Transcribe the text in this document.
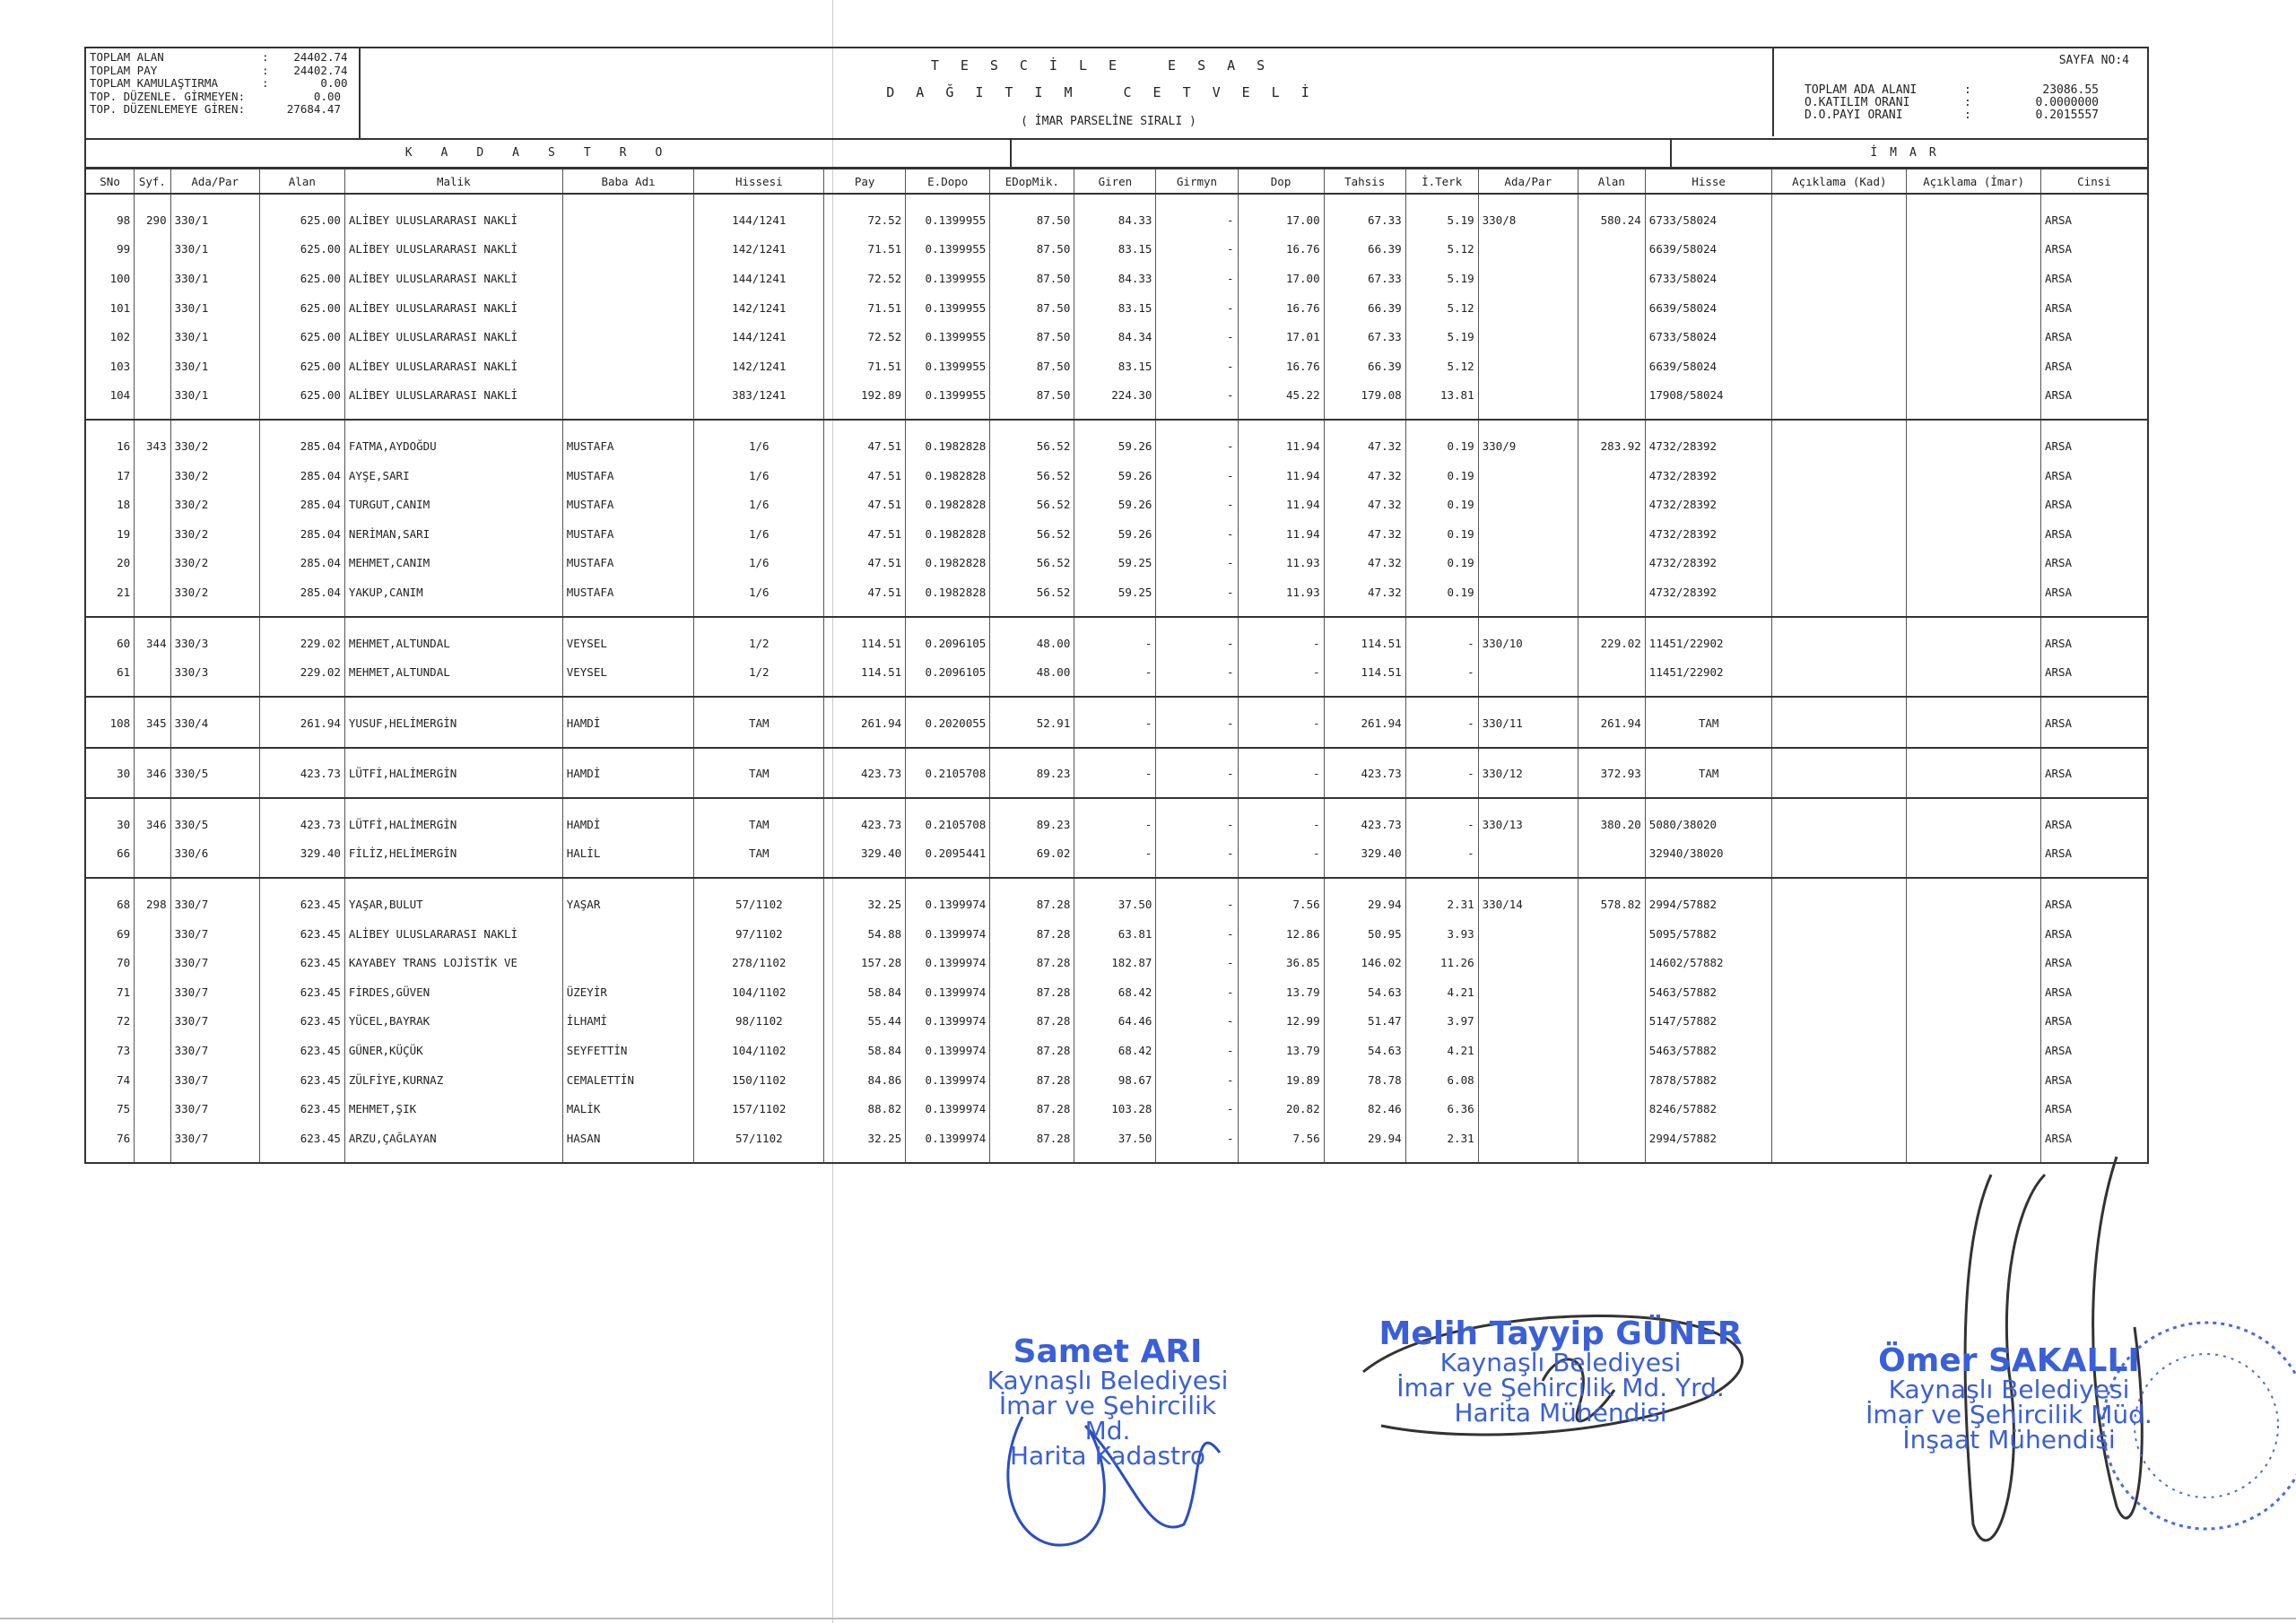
TOPLAM ALAN	:	24402.74
TOPLAM PAY	:	24402.74
TOPLAM KAMULAŞTIRMA	:	0.00
TOP. DÜZENLE. GİRMEYEN:	0.00
TOP. DÜZENLEMEYE GİREN:	27684.47
TESCİLE ESAS
DAĞITIM CETVELİ
( İMAR PARSELİNE SIRALI )
SAYFA NO:4
TOPLAM ADA ALANI	:	23086.55
O.KATILIM ORANI	:	0.0000000
D.O.PAYI ORANI	:	0.2015557
KADASTRO	İMAR
SNo	Syf.	Ada/Par	Alan	Malik	Baba Adı	Hissesi	Pay	E.Dopo	EDopMik.	Giren	Girmyn	Dop	Tahsis	İ.Terk	Ada/Par	Alan	Hisse	Açıklama (Kad)	Açıklama (İmar)	Cinsi

98	290	330/1	625.00	ALİBEY ULUSLARARASI NAKLİ		144/1241	72.52	0.1399955	87.50	84.33	-	17.00	67.33	5.19	330/8	580.24	6733/58024			ARSA
99		330/1	625.00	ALİBEY ULUSLARARASI NAKLİ		142/1241	71.51	0.1399955	87.50	83.15	-	16.76	66.39	5.12			6639/58024			ARSA
100		330/1	625.00	ALİBEY ULUSLARARASI NAKLİ		144/1241	72.52	0.1399955	87.50	84.33	-	17.00	67.33	5.19			6733/58024			ARSA
101		330/1	625.00	ALİBEY ULUSLARARASI NAKLİ		142/1241	71.51	0.1399955	87.50	83.15	-	16.76	66.39	5.12			6639/58024			ARSA
102		330/1	625.00	ALİBEY ULUSLARARASI NAKLİ		144/1241	72.52	0.1399955	87.50	84.34	-	17.01	67.33	5.19			6733/58024			ARSA
103		330/1	625.00	ALİBEY ULUSLARARASI NAKLİ		142/1241	71.51	0.1399955	87.50	83.15	-	16.76	66.39	5.12			6639/58024			ARSA
104		330/1	625.00	ALİBEY ULUSLARARASI NAKLİ		383/1241	192.89	0.1399955	87.50	224.30	-	45.22	179.08	13.81			17908/58024			ARSA

16	343	330/2	285.04	FATMA,AYDOĞDU	MUSTAFA	1/6	47.51	0.1982828	56.52	59.26	-	11.94	47.32	0.19	330/9	283.92	4732/28392			ARSA
17		330/2	285.04	AYŞE,SARI	MUSTAFA	1/6	47.51	0.1982828	56.52	59.26	-	11.94	47.32	0.19			4732/28392			ARSA
18		330/2	285.04	TURGUT,CANIM	MUSTAFA	1/6	47.51	0.1982828	56.52	59.26	-	11.94	47.32	0.19			4732/28392			ARSA
19		330/2	285.04	NERİMAN,SARI	MUSTAFA	1/6	47.51	0.1982828	56.52	59.26	-	11.94	47.32	0.19			4732/28392			ARSA
20		330/2	285.04	MEHMET,CANIM	MUSTAFA	1/6	47.51	0.1982828	56.52	59.25	-	11.93	47.32	0.19			4732/28392			ARSA
21		330/2	285.04	YAKUP,CANIM	MUSTAFA	1/6	47.51	0.1982828	56.52	59.25	-	11.93	47.32	0.19			4732/28392			ARSA

60	344	330/3	229.02	MEHMET,ALTUNDAL	VEYSEL	1/2	114.51	0.2096105	48.00	-	-	-	114.51	-	330/10	229.02	11451/22902			ARSA
61		330/3	229.02	MEHMET,ALTUNDAL	VEYSEL	1/2	114.51	0.2096105	48.00	-	-	-	114.51	-			11451/22902			ARSA

108	345	330/4	261.94	YUSUF,HELİMERGİN	HAMDİ	TAM	261.94	0.2020055	52.91	-	-	-	261.94	-	330/11	261.94	TAM			ARSA

30	346	330/5	423.73	LÜTFİ,HALİMERGİN	HAMDİ	TAM	423.73	0.2105708	89.23	-	-	-	423.73	-	330/12	372.93	TAM			ARSA

30	346	330/5	423.73	LÜTFİ,HALİMERGİN	HAMDİ	TAM	423.73	0.2105708	89.23	-	-	-	423.73	-	330/13	380.20	5080/38020			ARSA
66		330/6	329.40	FİLİZ,HELİMERGİN	HALİL	TAM	329.40	0.2095441	69.02	-	-	-	329.40	-			32940/38020			ARSA

68	298	330/7	623.45	YAŞAR,BULUT	YAŞAR	57/1102	32.25	0.1399974	87.28	37.50	-	7.56	29.94	2.31	330/14	578.82	2994/57882			ARSA
69		330/7	623.45	ALİBEY ULUSLARARASI NAKLİ		97/1102	54.88	0.1399974	87.28	63.81	-	12.86	50.95	3.93			5095/57882			ARSA
70		330/7	623.45	KAYABEY TRANS LOJİSTİK VE		278/1102	157.28	0.1399974	87.28	182.87	-	36.85	146.02	11.26			14602/57882			ARSA
71		330/7	623.45	FİRDES,GÜVEN	ÜZEYİR	104/1102	58.84	0.1399974	87.28	68.42	-	13.79	54.63	4.21			5463/57882			ARSA
72		330/7	623.45	YÜCEL,BAYRAK	İLHAMİ	98/1102	55.44	0.1399974	87.28	64.46	-	12.99	51.47	3.97			5147/57882			ARSA
73		330/7	623.45	GÜNER,KÜÇÜK	SEYFETTİN	104/1102	58.84	0.1399974	87.28	68.42	-	13.79	54.63	4.21			5463/57882			ARSA
74		330/7	623.45	ZÜLFİYE,KURNAZ	CEMALETTİN	150/1102	84.86	0.1399974	87.28	98.67	-	19.89	78.78	6.08			7878/57882			ARSA
75		330/7	623.45	MEHMET,ŞIK	MALİK	157/1102	88.82	0.1399974	87.28	103.28	-	20.82	82.46	6.36			8246/57882			ARSA
76		330/7	623.45	ARZU,ÇAĞLAYAN	HASAN	57/1102	32.25	0.1399974	87.28	37.50	-	7.56	29.94	2.31			2994/57882			ARSA

Samet ARI
Kaynaşlı Belediyesi
İmar ve Şehircilik Md.
Harita Kadastro
Melih Tayyip GÜNER
Kaynaşlı Belediyesi
İmar ve Şehircilik Md. Yrd.
Harita Mühendisi
Ömer SAKALLI
Kaynaşlı Belediyesi
İmar ve Şehircilik Müd.
İnşaat Mühendisi
